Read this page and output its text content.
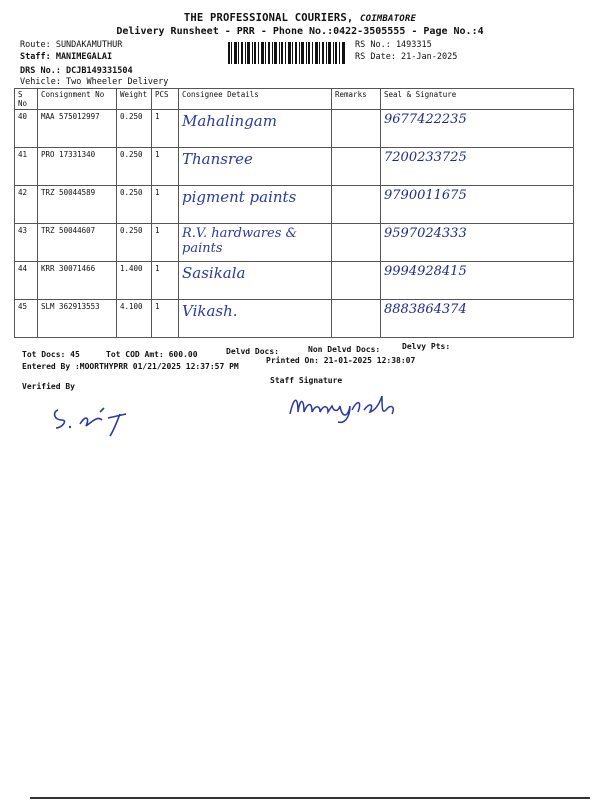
THE PROFESSIONAL COURIERS, COIMBATORE
Delivery Runsheet - PRR - Phone No.:0422-3505555 - Page No.:4
Route: SUNDAKAMUTHUR
Staff: MANIMEGALAI
DRS No.: DCJB149331504
Vehicle: Two Wheeler Delivery
RS No.: 1493315
RS Date: 21-Jan-2025
S No	Consignment No	Weight	PCS	Consignee Details	Remarks	Seal & Signature
40	MAA 575012997	0.250	1	Mahalingam		9677422235
41	PRO 17331340	0.250	1	Thansree		7200233725
42	TRZ 50044589	0.250	1	pigment paints		9790011675
43	TRZ 50044607	0.250	1	R.V. hardwares & paints		9597024333
44	KRR 30071466	1.400	1	Sasikala		9994928415
45	SLM 362913553	4.100	1	Vikash.		8883864374
Tot Docs: 45	Tot COD Amt: 600.00	Delvd Docs:	Non Delvd Docs:	Delvy Pts:
Entered By :MOORTHYPRR 01/21/2025 12:37:57 PM
Printed On: 21-01-2025 12:38:07
Verified By
Staff Signature
